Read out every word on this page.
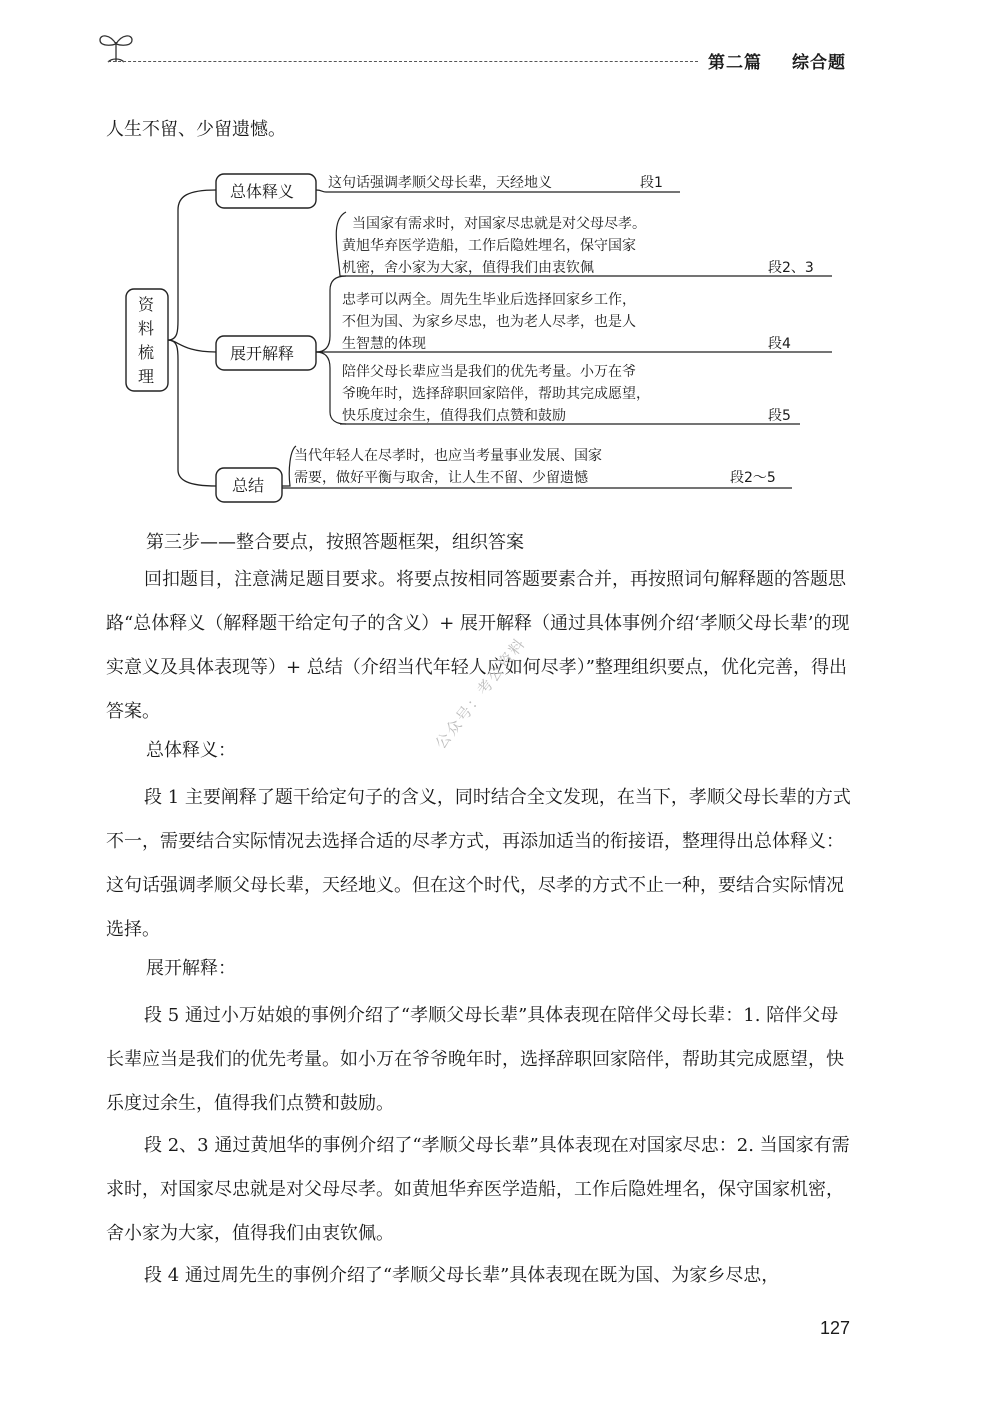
第二篇 综合题

人生不留、少留遗憾。

资
料
梳
理
总体释义
展开解释
总结
这句话强调孝顺父母长辈，天经地义	段1
当国家有需求时，对国家尽忠就是对父母尽孝。
黄旭华弃医学造船，工作后隐姓埋名，保守国家
机密，舍小家为大家，值得我们由衷钦佩	段2、3
忠孝可以两全。周先生毕业后选择回家乡工作，
不但为国、为家乡尽忠，也为老人尽孝，也是人
生智慧的体现	段4
陪伴父母长辈应当是我们的优先考量。小万在爷
爷晚年时，选择辞职回家陪伴，帮助其完成愿望，
快乐度过余生，值得我们点赞和鼓励	段5
当代年轻人在尽孝时，也应当考量事业发展、国家
需要，做好平衡与取舍，让人生不留、少留遗憾	段2～5
第三步——整合要点，按照答题框架，组织答案

回扣题目，注意满足题目要求。将要点按相同答题要素合并，再按照词句解释题的答题思路“总体释义（解释题干给定句子的含义）+ 展开解释（通过具体事例介绍‘孝顺父母长辈’的现实意义及具体表现等）+ 总结（介绍当代年轻人应如何尽孝）”整理组织要点，优化完善，得出答案。

总体释义：

段 1 主要阐释了题干给定句子的含义，同时结合全文发现，在当下，孝顺父母长辈的方式不一，需要结合实际情况去选择合适的尽孝方式，再添加适当的衔接语，整理得出总体释义：这句话强调孝顺父母长辈，天经地义。但在这个时代，尽孝的方式不止一种，要结合实际情况选择。

展开解释：

段 5 通过小万姑娘的事例介绍了“孝顺父母长辈”具体表现在陪伴父母长辈：1. 陪伴父母长辈应当是我们的优先考量。如小万在爷爷晚年时，选择辞职回家陪伴，帮助其完成愿望，快乐度过余生，值得我们点赞和鼓励。

段 2、3 通过黄旭华的事例介绍了“孝顺父母长辈”具体表现在对国家尽忠：2. 当国家有需求时，对国家尽忠就是对父母尽孝。如黄旭华弃医学造船，工作后隐姓埋名，保守国家机密，舍小家为大家，值得我们由衷钦佩。

段 4 通过周先生的事例介绍了“孝顺父母长辈”具体表现在既为国、为家乡尽忠，

公众号：考公资料
127
